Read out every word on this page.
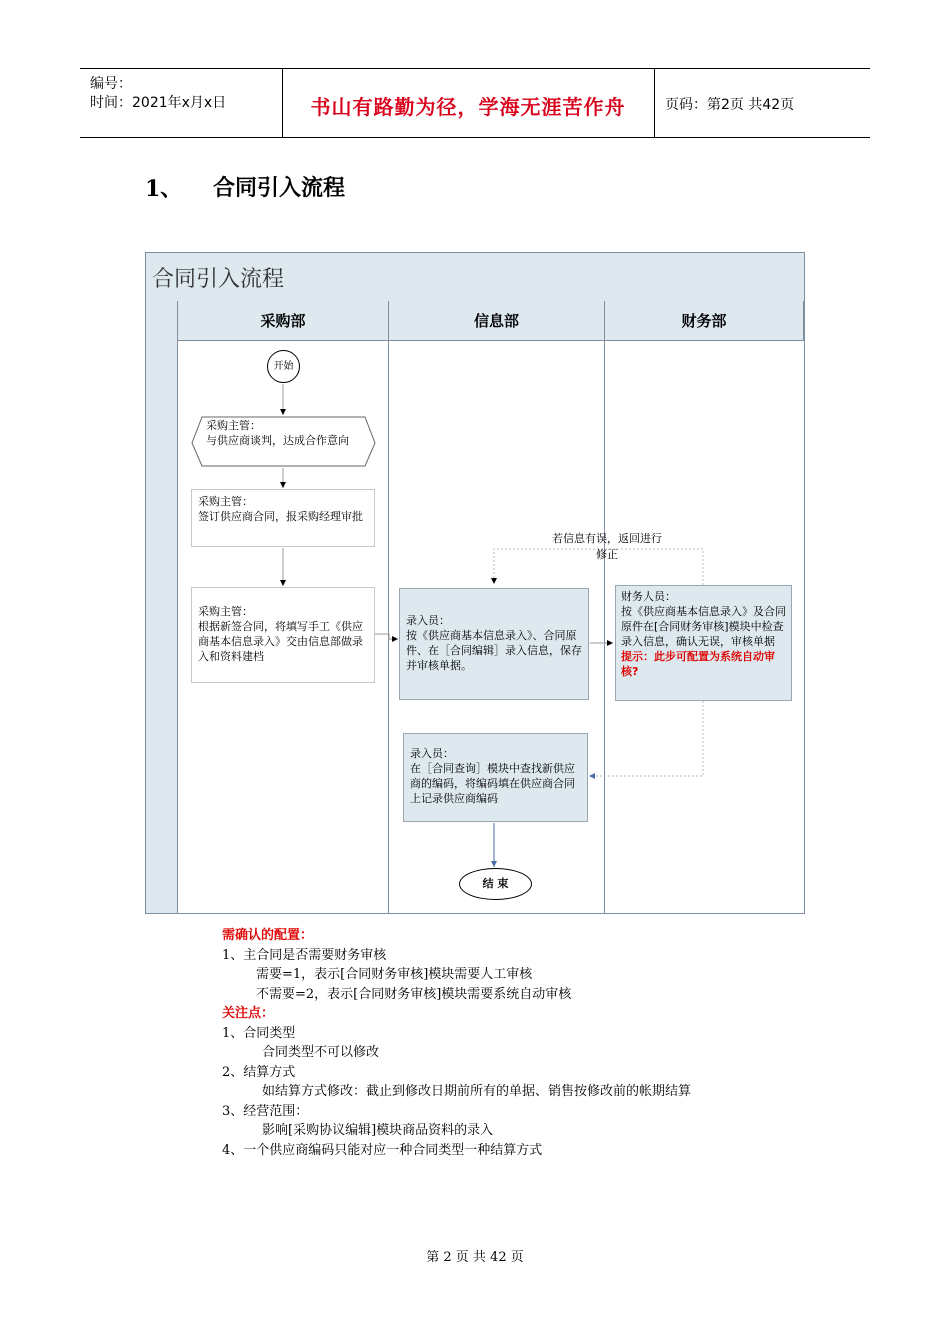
编号：
时间：2021年x月x日	书山有路勤为径，学海无涯苦作舟	页码：第2页 共42页
1、 合同引入流程
合同引入流程
采购部	信息部	财务部
开始
采购主管：
与供应商谈判，达成合作意向
采购主管：
签订供应商合同，报采购经理审批
采购主管：
根据新签合同，将填写手工《供应商基本信息录入》交由信息部做录入和资料建档
录入员：
按《供应商基本信息录入》、合同原件、在［合同编辑］录入信息，保存并审核单据。
若信息有误，返回进行修正
财务人员：
按《供应商基本信息录入》及合同原件在[合同财务审核]模块中检查录入信息，确认无误，审核单据
提示：此步可配置为系统自动审核?
录入员：
在［合同查询］模块中查找新供应商的编码，将编码填在供应商合同上记录供应商编码
结 束
需确认的配置：
1、主合同是否需要财务审核
需要=1，表示[合同财务审核]模块需要人工审核
不需要=2，表示[合同财务审核]模块需要系统自动审核
关注点：
1、合同类型
合同类型不可以修改
2、结算方式
如结算方式修改：截止到修改日期前所有的单据、销售按修改前的帐期结算
3、经营范围：
影响[采购协议编辑]模块商品资料的录入
4、一个供应商编码只能对应一种合同类型一种结算方式
第 2 页 共 42 页
